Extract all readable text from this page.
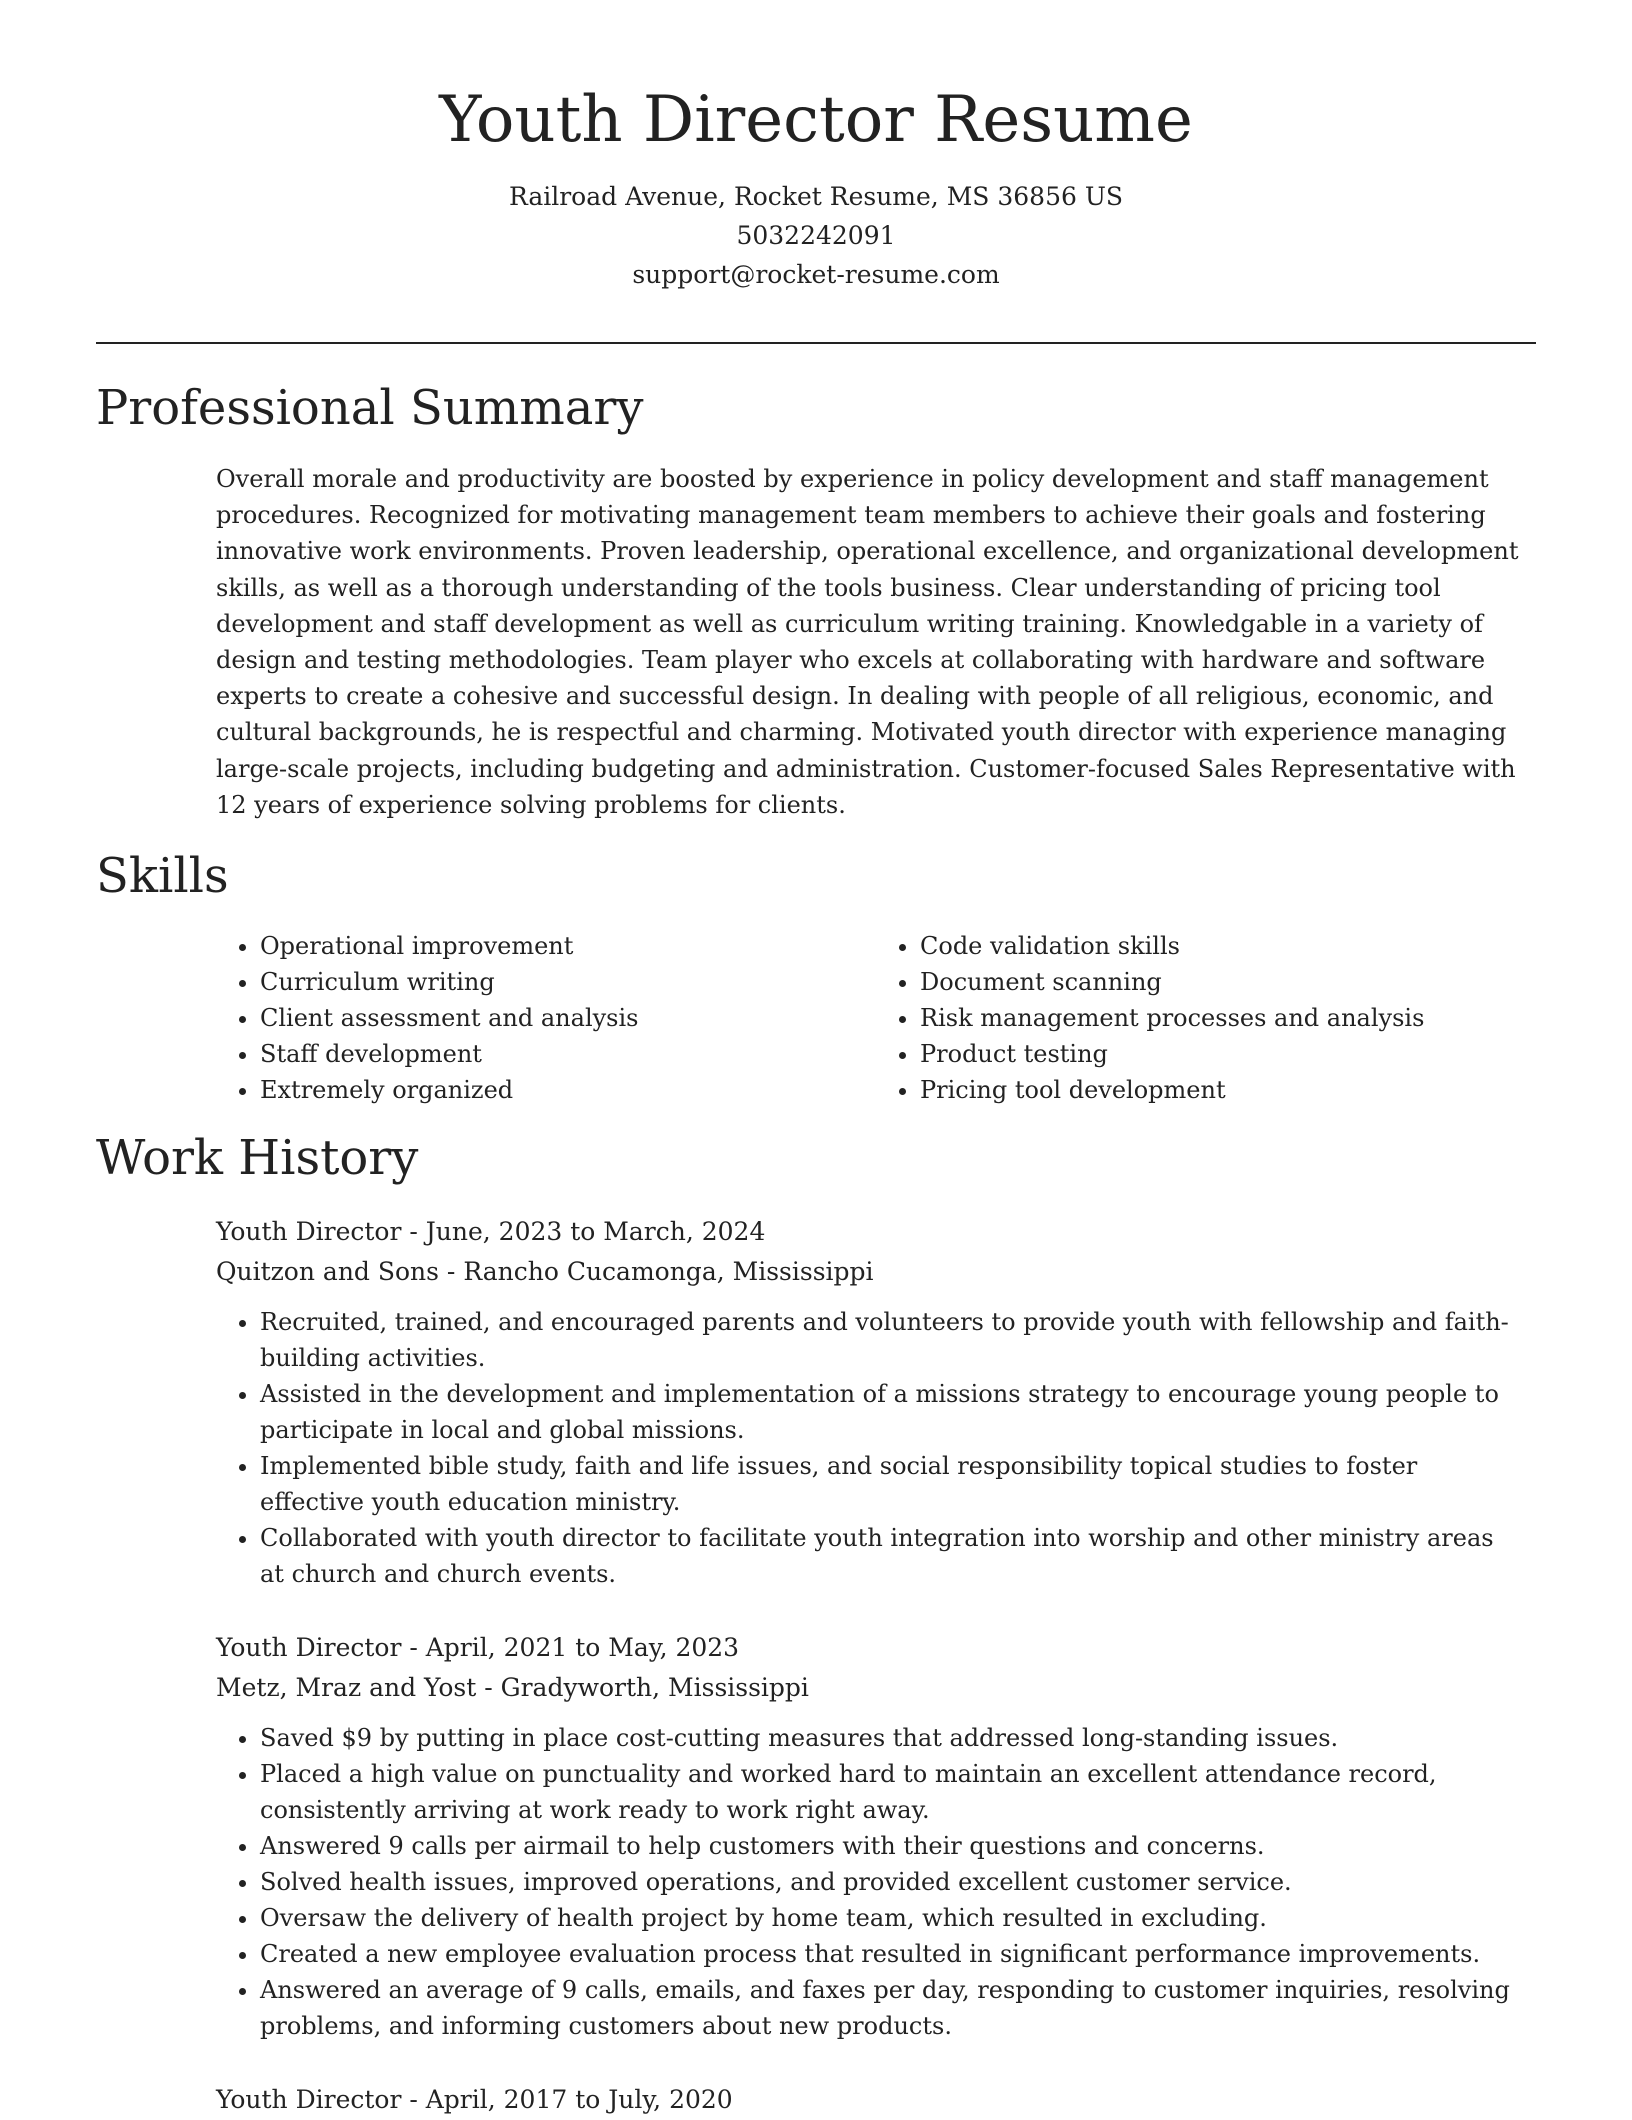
Youth Director Resume
Railroad Avenue, Rocket Resume, MS 36856 US
5032242091
support@rocket-resume.com
Professional Summary

Overall morale and productivity are boosted by experience in policy development and staff management procedures. Recognized for motivating management team members to achieve their goals and fostering innovative work environments. Proven leadership, operational excellence, and organizational development skills, as well as a thorough understanding of the tools business. Clear understanding of pricing tool development and staff development as well as curriculum writing training. Knowledgable in a variety of design and testing methodologies. Team player who excels at collaborating with hardware and software experts to create a cohesive and successful design. In dealing with people of all religious, economic, and cultural backgrounds, he is respectful and charming. Motivated youth director with experience managing large-scale projects, including budgeting and administration. Customer-focused Sales Representative with 12 years of experience solving problems for clients.

Skills
• Operational improvement
• Curriculum writing
• Client assessment and analysis
• Staff development
• Extremely organized
• Code validation skills
• Document scanning
• Risk management processes and analysis
• Product testing
• Pricing tool development
Work History
Youth Director - June, 2023 to March, 2024
Quitzon and Sons - Rancho Cucamonga, Mississippi
• Recruited, trained, and encouraged parents and volunteers to provide youth with fellowship and faith-building activities.
• Assisted in the development and implementation of a missions strategy to encourage young people to participate in local and global missions.
• Implemented bible study, faith and life issues, and social responsibility topical studies to foster effective youth education ministry.
• Collaborated with youth director to facilitate youth integration into worship and other ministry areas at church and church events.
Youth Director - April, 2021 to May, 2023
Metz, Mraz and Yost - Gradyworth, Mississippi
• Saved $9 by putting in place cost-cutting measures that addressed long-standing issues.
• Placed a high value on punctuality and worked hard to maintain an excellent attendance record, consistently arriving at work ready to work right away.
• Answered 9 calls per airmail to help customers with their questions and concerns.
• Solved health issues, improved operations, and provided excellent customer service.
• Oversaw the delivery of health project by home team, which resulted in excluding.
• Created a new employee evaluation process that resulted in significant performance improvements.
• Answered an average of 9 calls, emails, and faxes per day, responding to customer inquiries, resolving problems, and informing customers about new products.
Youth Director - April, 2017 to July, 2020
